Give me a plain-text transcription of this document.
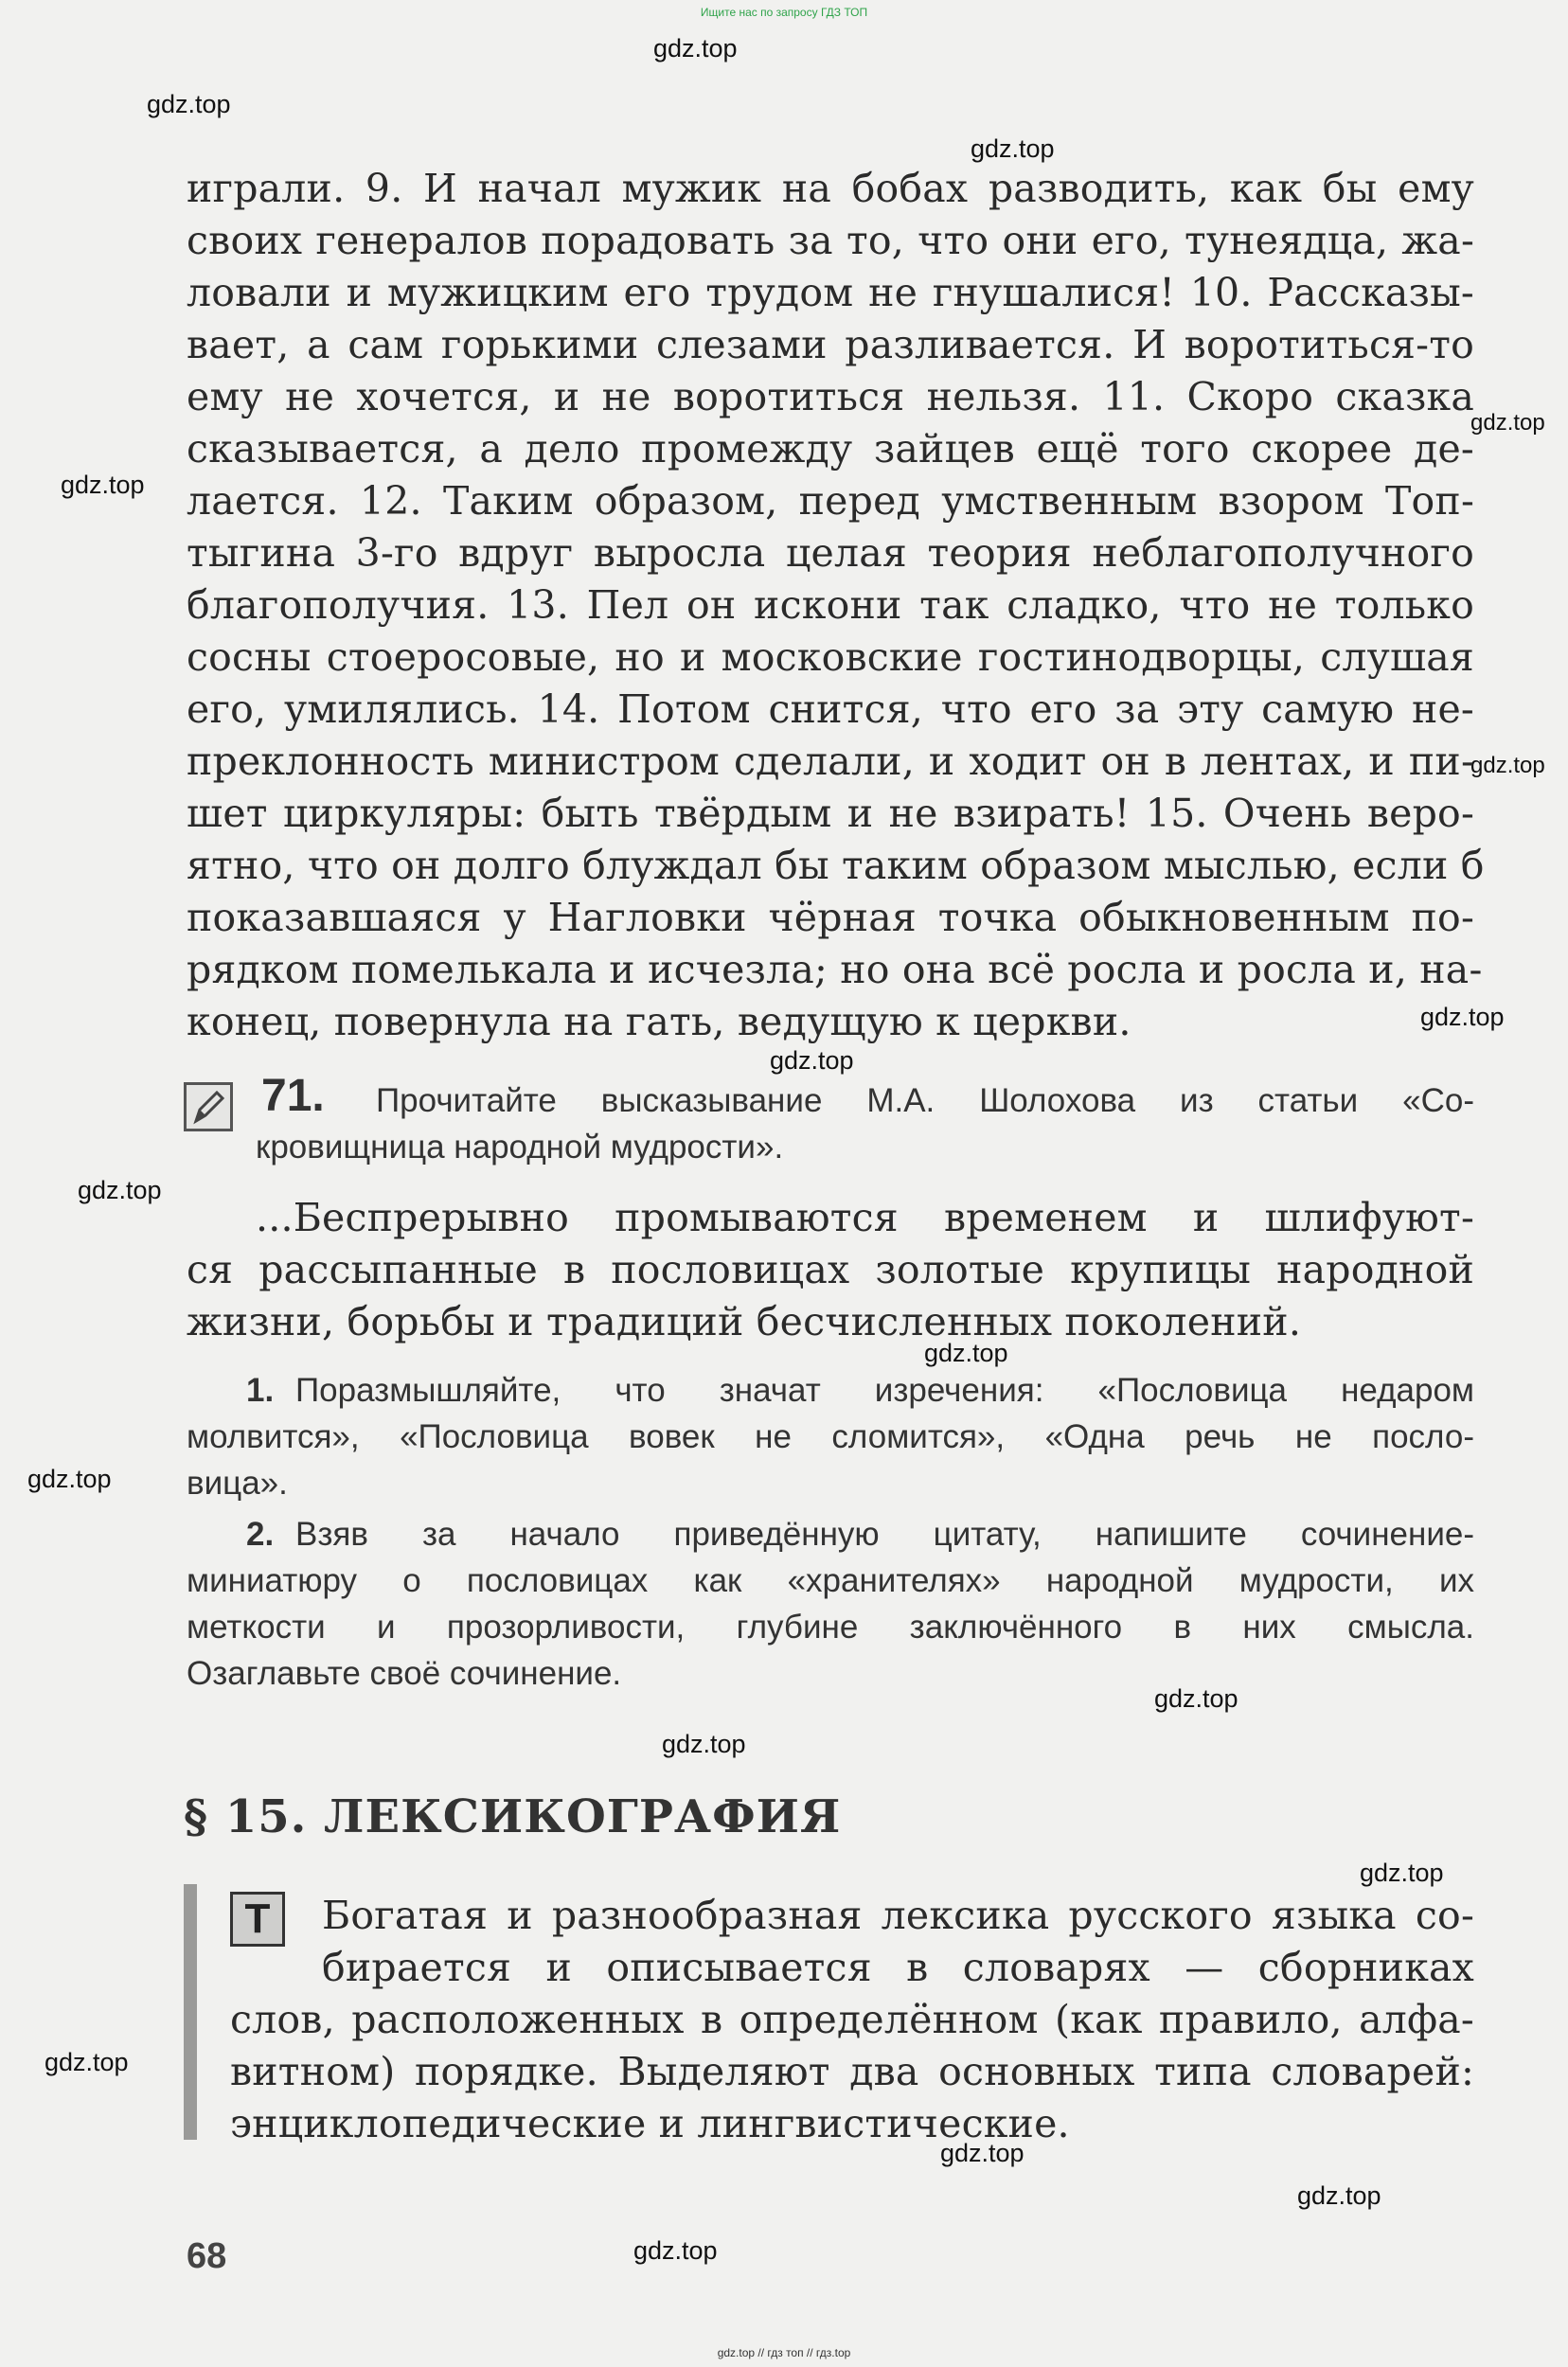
Ищите нас по запросу ГДЗ ТОП
gdz.top
gdz.top
gdz.top
gdz.top
gdz.top
gdz.top
gdz.top
gdz.top
gdz.top
gdz.top
gdz.top
gdz.top
gdz.top
gdz.top
gdz.top
gdz.top
gdz.top
gdz.top
играли. 9. И начал мужик на бобах разводить, как бы ему
своих генералов порадовать за то, что они его, тунеядца, жа-
ловали и мужицким его трудом не гнушалися! 10. Рассказы-
вает, а сам горькими слезами разливается. И воротиться-то
ему не хочется, и не воротиться нельзя. 11. Скоро сказка
сказывается, а дело промежду зайцев ещё того скорее де-
лается. 12. Таким образом, перед умственным взором Топ-
тыгина 3-го вдруг выросла целая теория неблагополучного
благополучия. 13. Пел он искони так сладко, что не только
сосны стоеросовые, но и московские гостинодворцы, слушая
его, умилялись. 14. Потом снится, что его за эту самую не-
преклонность министром сделали, и ходит он в лентах, и пи-
шет циркуляры: быть твёрдым и не взирать! 15. Очень веро-
ятно, что он долго блуждал бы таким образом мыслью, если б
показавшаяся у Нагловки чёрная точка обыкновенным по-
рядком помелькала и исчезла; но она всё росла и росла и, на-
конец, повернула на гать, ведущую к церкви.
71. Прочитайте высказывание М.А. Шолохова из статьи «Со-
кровищница народной мудрости».
...Беспрерывно промываются временем и шлифуют-
ся рассыпанные в пословицах золотые крупицы народной
жизни, борьбы и традиций бесчисленных поколений.
1. Поразмышляйте, что значат изречения: «Пословица недаром
молвится», «Пословица вовек не сломится», «Одна речь не посло-
вица».
2. Взяв за начало приведённую цитату, напишите сочинение-
миниатюру о пословицах как «хранителях» народной мудрости, их
меткости и прозорливости, глубине заключённого в них смысла.
Озаглавьте своё сочинение.
§ 15. ЛЕКСИКОГРАФИЯ
Т	Богатая и разнообразная лексика русского языка со-
бирается и описывается в словарях — сборниках
слов, расположенных в определённом (как правило, алфа-
витном) порядке. Выделяют два основных типа словарей:
энциклопедические и лингвистические.
68
gdz.top // гдз топ // гдз.top
